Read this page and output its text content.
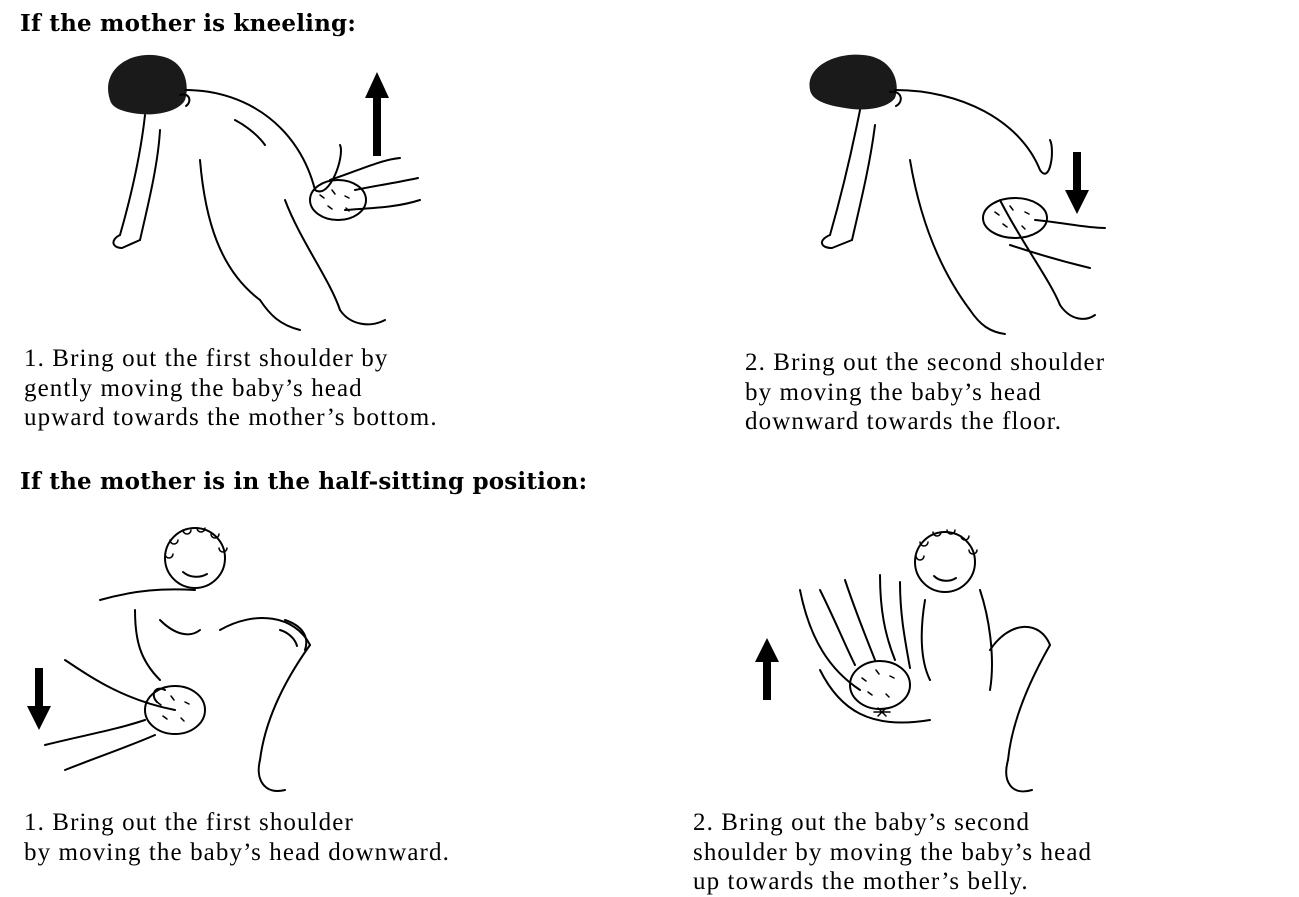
If the mother is kneeling:

1. Bring out the first shoulder by
gently moving the baby’s head
upward towards the mother’s bottom.

2. Bring out the second shoulder
by moving the baby’s head
downward towards the floor.

If the mother is in the half-sitting position:

1. Bring out the first shoulder
by moving the baby’s head downward.

2. Bring out the baby’s second
shoulder by moving the baby’s head
up towards the mother’s belly.
